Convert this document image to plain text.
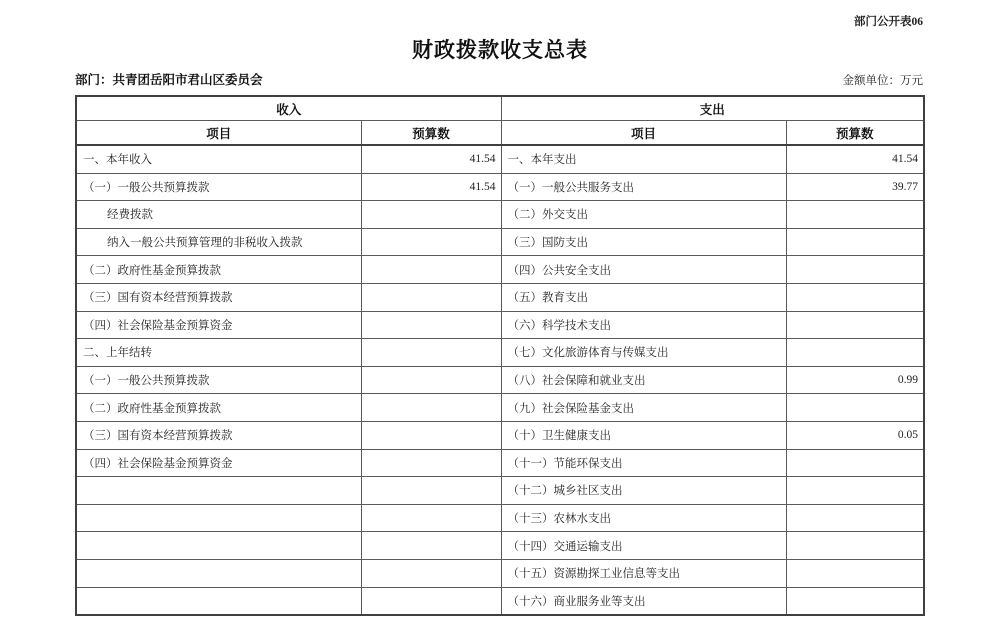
部门公开表06
财政拨款收支总表
部门：共青团岳阳市君山区委员会	金额单位：万元
收入		支出	
项目	预算数	项目	预算数
一、本年收入	41.54	一、本年支出	41.54
（一）一般公共预算拨款	41.54	（一）一般公共服务支出	39.77
经费拨款		（二）外交支出	
纳入一般公共预算管理的非税收入拨款		（三）国防支出	
（二）政府性基金预算拨款		（四）公共安全支出	
（三）国有资本经营预算拨款		（五）教育支出	
（四）社会保险基金预算资金		（六）科学技术支出	
二、上年结转		（七）文化旅游体育与传媒支出	
（一）一般公共预算拨款		（八）社会保障和就业支出	0.99
（二）政府性基金预算拨款		（九）社会保险基金支出	
（三）国有资本经营预算拨款		（十）卫生健康支出	0.05
（四）社会保险基金预算资金		（十一）节能环保支出	
		（十二）城乡社区支出	
		（十三）农林水支出	
		（十四）交通运输支出	
		（十五）资源勘探工业信息等支出	
		（十六）商业服务业等支出	
